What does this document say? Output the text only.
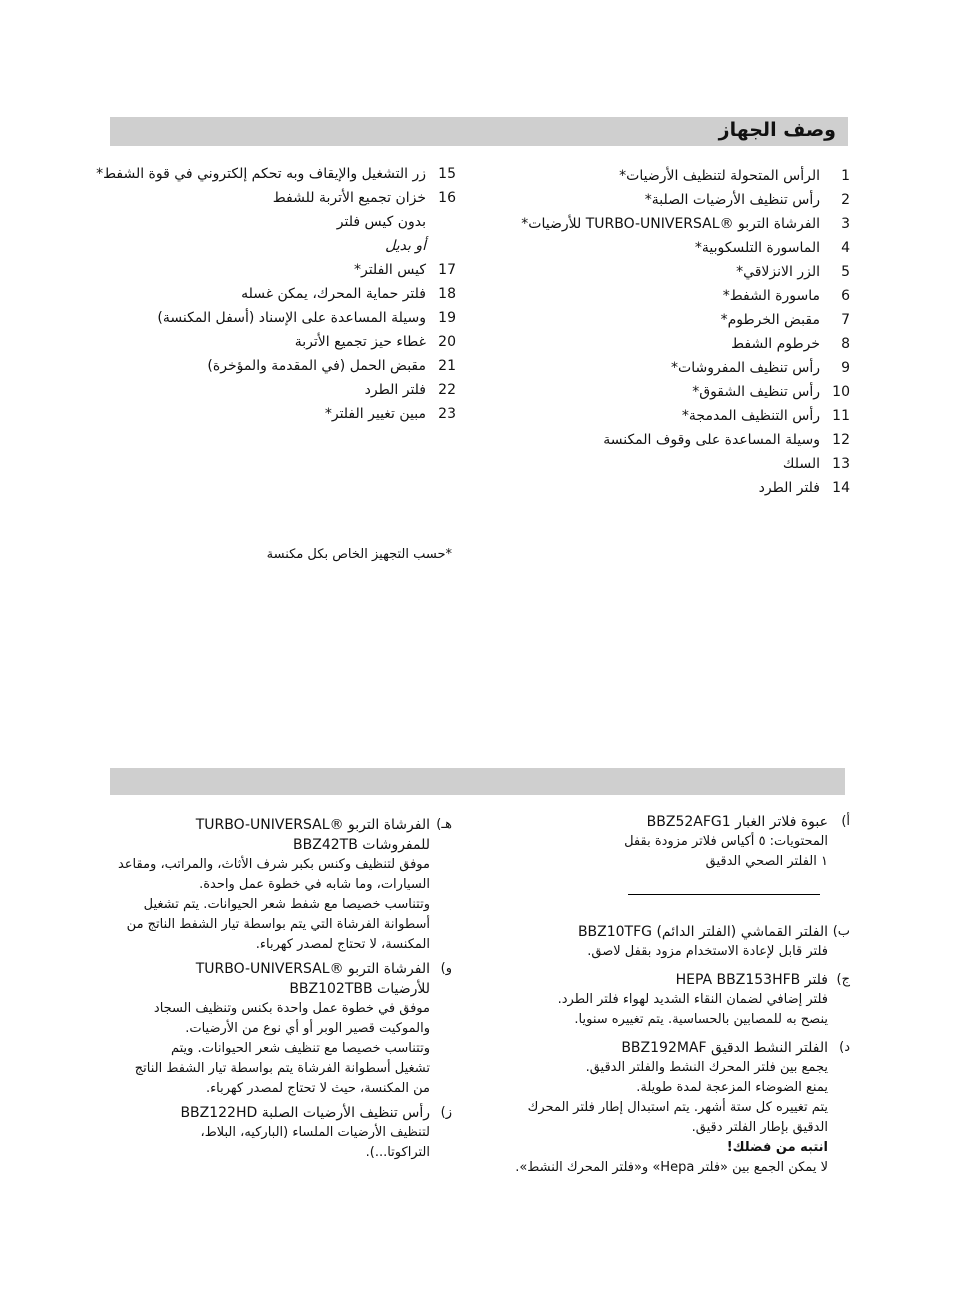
وصف الجهاز
1
الرأس المتحولة لتنظيف الأرضيات*
2
رأس تنظيف الأرضيات الصلبة*
3
الفرشاة التربو ®TURBO-UNIVERSAL للأرضيات*
4
الماسورة التلسكوبية*
5
الزر الانزلاقي*
6
ماسورة الشفط*
7
مقبض الخرطوم*
8
خرطوم الشفط
9
رأس تنظيف المفروشات*
10
رأس تنظيف الشقوق*
11
رأس التنظيف المدمجة*
12
وسيلة المساعدة على وقوف المكنسة
13
السلك
14
فلتر الطرد
15
زر التشغيل والإيقاف وبه تحكم إلكتروني في قوة الشفط*
16
خزان تجميع الأتربة للشفط
بدون كيس فلتر
أو بديل
17
كيس الفلتر*
18
فلتر حماية المحرك، يمكن غسله
19
وسيلة المساعدة على الإسناد (أسفل المكنسة)
20
غطاء حيز تجميع الأتربة
21
مقبض الحمل (في المقدمة والمؤخرة)
22
فلتر الطرد
23
مبين تغيير الفلتر*
*حسب التجهيز الخاص بكل مكنسة
أ)
عبوة فلاتر الغبار BBZ52AFG1
المحتويات: ٥ أكياس فلاتر مزودة بقفل
١ الفلتر الصحي الدقيق
ب)
الفلتر القماشي (الفلتر الدائم) BBZ10TFG
فلتر قابل لإعادة الاستخدام مزود بقفل لاصق.
ج)
فلتر HEPA BBZ153HFB
فلتر إضافي لضمان النقاء الشديد لهواء فلتر الطرد.
ينصح به للمصابين بالحساسية. يتم تغييره سنويا.
د)
الفلتر النشط الدقيق BBZ192MAF
يجمع بين فلتر المحرك النشط والفلتر الدقيق.
يمنع الضوضاء المزعجة لمدة طويلة.
يتم تغييره كل ستة أشهر. يتم استبدال إطار فلتر المحرك
الدقيق بإطار الفلتر دقيق.
انتبه من فضلك!
لا يمكن الجمع بين «فلتر Hepa» و«فلتر المحرك النشط».
هـ)
الفرشاة التربو ®TURBO-UNIVERSAL
للمفروشات BBZ42TB
موفق لتنظيف وكنس بكبر شرف الأثاث، والمراتب، ومقاعد
السيارات، وما شابه في خطوة عمل واحدة.
وتتناسب خصيصا مع شفط شعر الحيوانات. يتم تشغيل
أسطوانة الفرشاة التي يتم بواسطة تيار الشفط الناتج من
المكنسة، لا تحتاج لمصدر كهرباء.
و)
الفرشاة التربو ®TURBO-UNIVERSAL
للأرضيات BBZ102TBB
موفق في خطوة عمل واحدة بكنس وتنظيف السجاد
والموكيت قصير الوبر أو أي نوع من الأرضيات.
وتتناسب خصيصا مع تنظيف شعر الحيوانات. ويتم
تشغيل أسطوانة الفرشاة يتم بواسطة تيار الشفط الناتج
من المكنسة، حيث لا تحتاج لمصدر كهرباء.
ز)
رأس تنظيف الأرضيات الصلبة BBZ122HD
لتنظيف الأرضيات الملساء (الباركيه، البلاط،
التراكوتا...).
